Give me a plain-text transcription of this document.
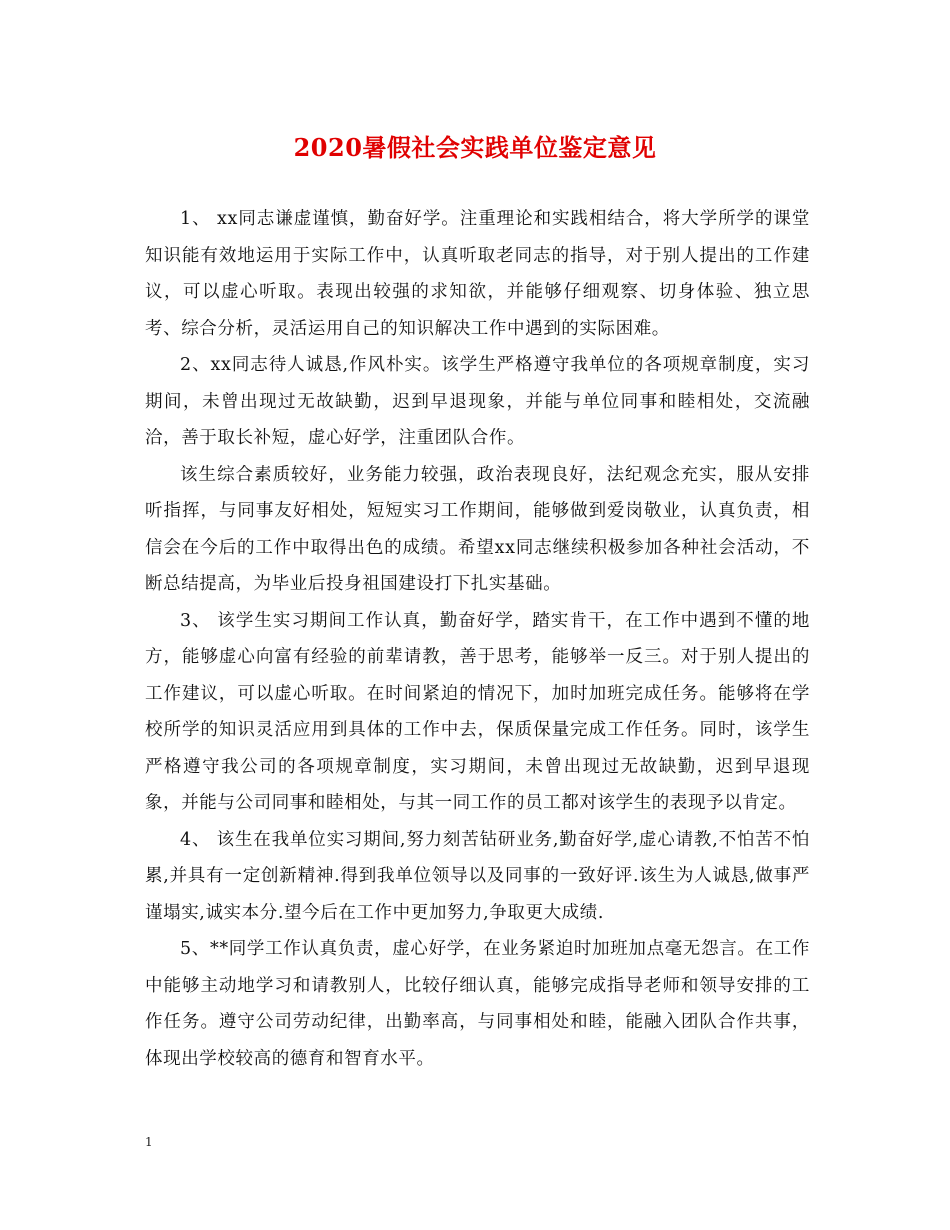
2020暑假社会实践单位鉴定意见

1、 xx同志谦虚谨慎，勤奋好学。注重理论和实践相结合，将大学所学的课堂知识能有效地运用于实际工作中，认真听取老同志的指导，对于别人提出的工作建议，可以虚心听取。表现出较强的求知欲，并能够仔细观察、切身体验、独立思考、综合分析，灵活运用自己的知识解决工作中遇到的实际困难。

2、xx同志待人诚恳,作风朴实。该学生严格遵守我单位的各项规章制度，实习期间，未曾出现过无故缺勤，迟到早退现象，并能与单位同事和睦相处，交流融洽，善于取长补短，虚心好学，注重团队合作。

该生综合素质较好，业务能力较强，政治表现良好，法纪观念充实，服从安排听指挥，与同事友好相处，短短实习工作期间，能够做到爱岗敬业，认真负责，相信会在今后的工作中取得出色的成绩。希望xx同志继续积极参加各种社会活动，不断总结提高，为毕业后投身祖国建设打下扎实基础。

3、 该学生实习期间工作认真，勤奋好学，踏实肯干，在工作中遇到不懂的地方，能够虚心向富有经验的前辈请教，善于思考，能够举一反三。对于别人提出的工作建议，可以虚心听取。在时间紧迫的情况下，加时加班完成任务。能够将在学校所学的知识灵活应用到具体的工作中去，保质保量完成工作任务。同时，该学生严格遵守我公司的各项规章制度，实习期间，未曾出现过无故缺勤，迟到早退现象，并能与公司同事和睦相处，与其一同工作的员工都对该学生的表现予以肯定。

4、 该生在我单位实习期间,努力刻苦钻研业务,勤奋好学,虚心请教,不怕苦不怕累,并具有一定创新精神.得到我单位领导以及同事的一致好评.该生为人诚恳,做事严谨塌实,诚实本分.望今后在工作中更加努力,争取更大成绩.

5、**同学工作认真负责，虚心好学，在业务紧迫时加班加点毫无怨言。在工作中能够主动地学习和请教别人，比较仔细认真，能够完成指导老师和领导安排的工作任务。遵守公司劳动纪律，出勤率高，与同事相处和睦，能融入团队合作共事，体现出学校较高的德育和智育水平。

1
